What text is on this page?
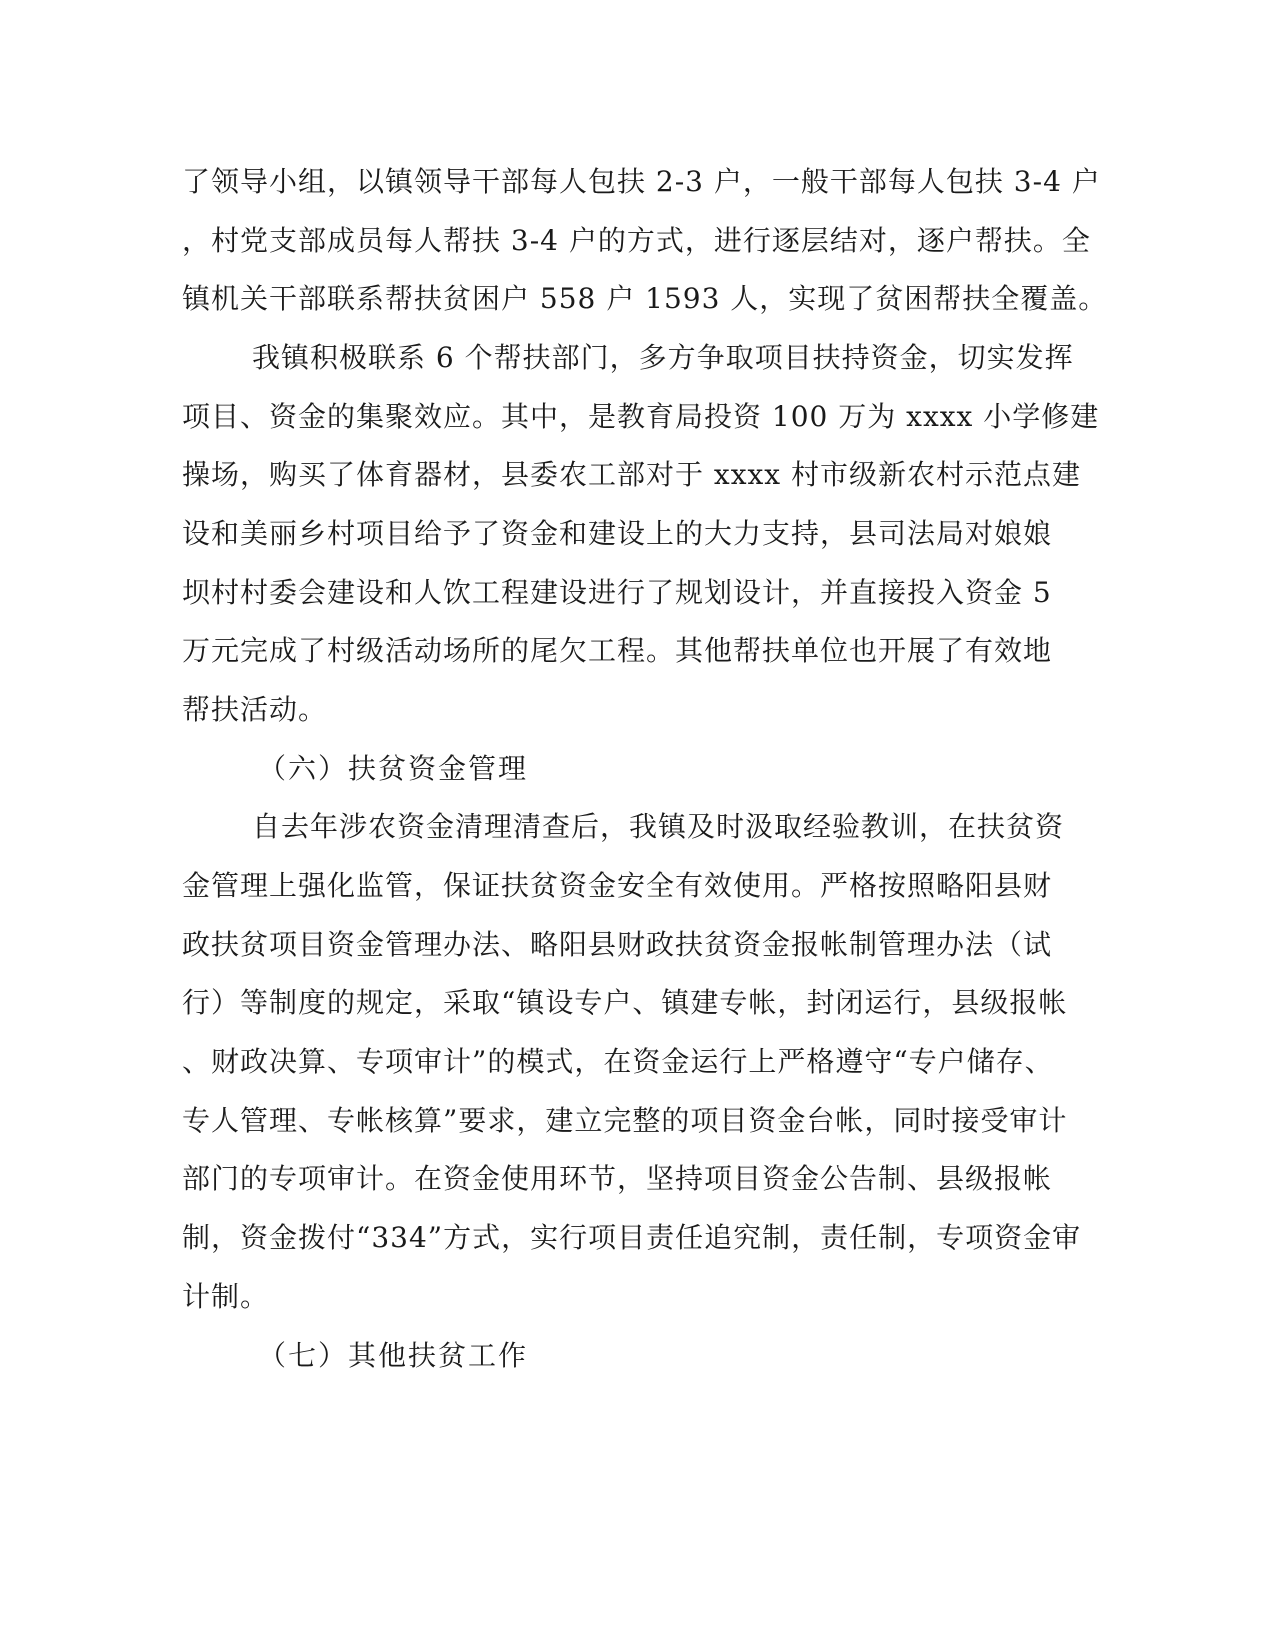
了领导小组，以镇领导干部每人包扶 2-3 户，一般干部每人包扶 3-4 户

，村党支部成员每人帮扶 3-4 户的方式，进行逐层结对，逐户帮扶。全

镇机关干部联系帮扶贫困户 558 户 1593 人，实现了贫困帮扶全覆盖。

我镇积极联系 6 个帮扶部门，多方争取项目扶持资金，切实发挥

项目、资金的集聚效应。其中，是教育局投资 100 万为 xxxx 小学修建

操场，购买了体育器材，县委农工部对于 xxxx 村市级新农村示范点建

设和美丽乡村项目给予了资金和建设上的大力支持，县司法局对娘娘

坝村村委会建设和人饮工程建设进行了规划设计，并直接投入资金 5

万元完成了村级活动场所的尾欠工程。其他帮扶单位也开展了有效地

帮扶活动。

（六）扶贫资金管理

自去年涉农资金清理清查后，我镇及时汲取经验教训，在扶贫资

金管理上强化监管，保证扶贫资金安全有效使用。严格按照略阳县财

政扶贫项目资金管理办法、略阳县财政扶贫资金报帐制管理办法（试

行）等制度的规定，采取“镇设专户、镇建专帐，封闭运行，县级报帐

、财政决算、专项审计”的模式，在资金运行上严格遵守“专户储存、

专人管理、专帐核算”要求，建立完整的项目资金台帐，同时接受审计

部门的专项审计。在资金使用环节，坚持项目资金公告制、县级报帐

制，资金拨付“334”方式，实行项目责任追究制，责任制，专项资金审

计制。

（七）其他扶贫工作
